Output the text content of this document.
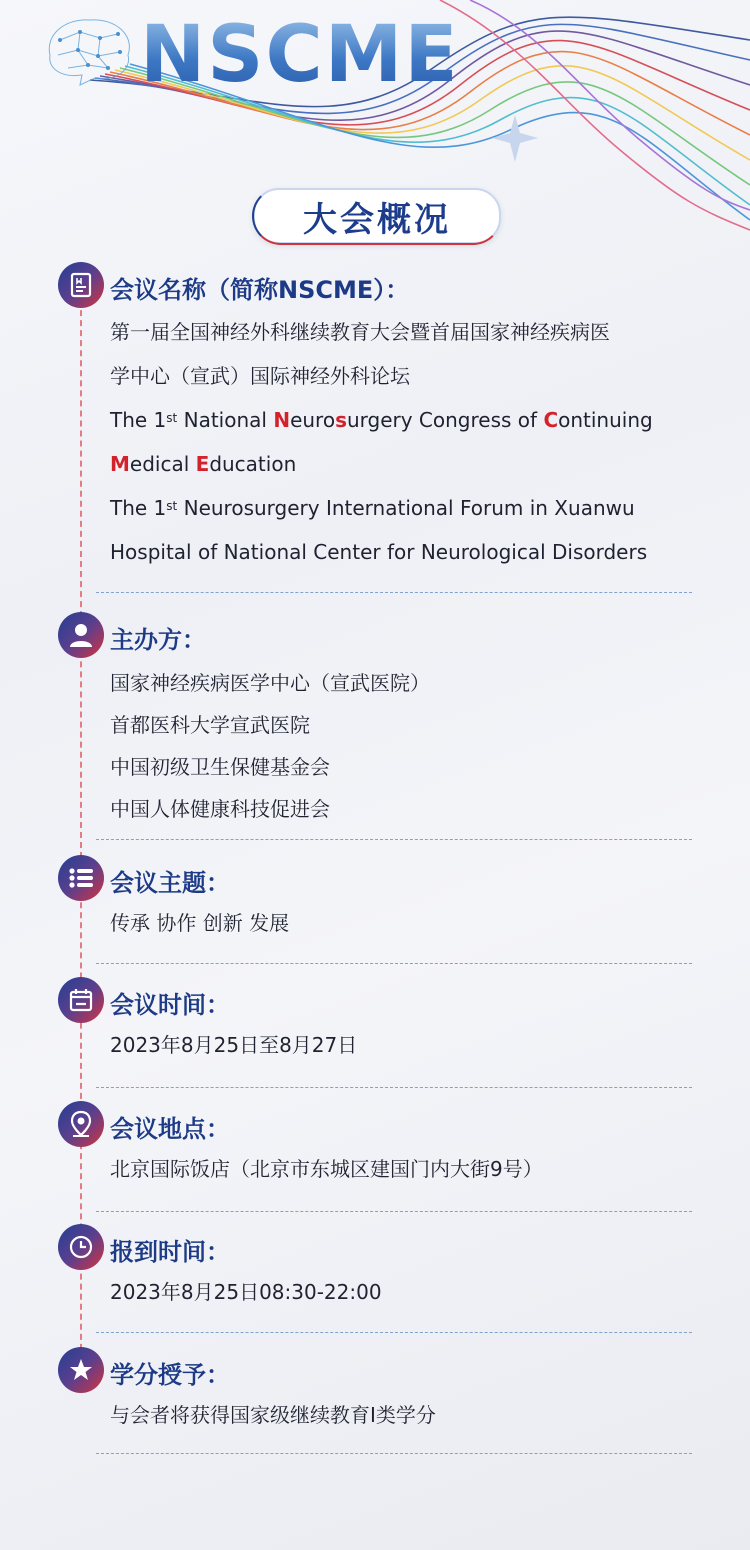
NSCME
大会概况
会议名称（简称NSCME）：
第一届全国神经外科继续教育大会暨首届国家神经疾病医
学中心（宣武）国际神经外科论坛
The 1st National Neurosurgery Congress of Continuing
Medical Education
The 1st Neurosurgery International Forum in Xuanwu
Hospital of National Center for Neurological Disorders
主办方：
国家神经疾病医学中心（宣武医院）
首都医科大学宣武医院
中国初级卫生保健基金会
中国人体健康科技促进会
会议主题：
传承 协作 创新 发展
会议时间：
2023年8月25日至8月27日
会议地点：
北京国际饭店（北京市东城区建国门内大街9号）
报到时间：
2023年8月25日08:30-22:00
学分授予：
与会者将获得国家级继续教育I类学分
